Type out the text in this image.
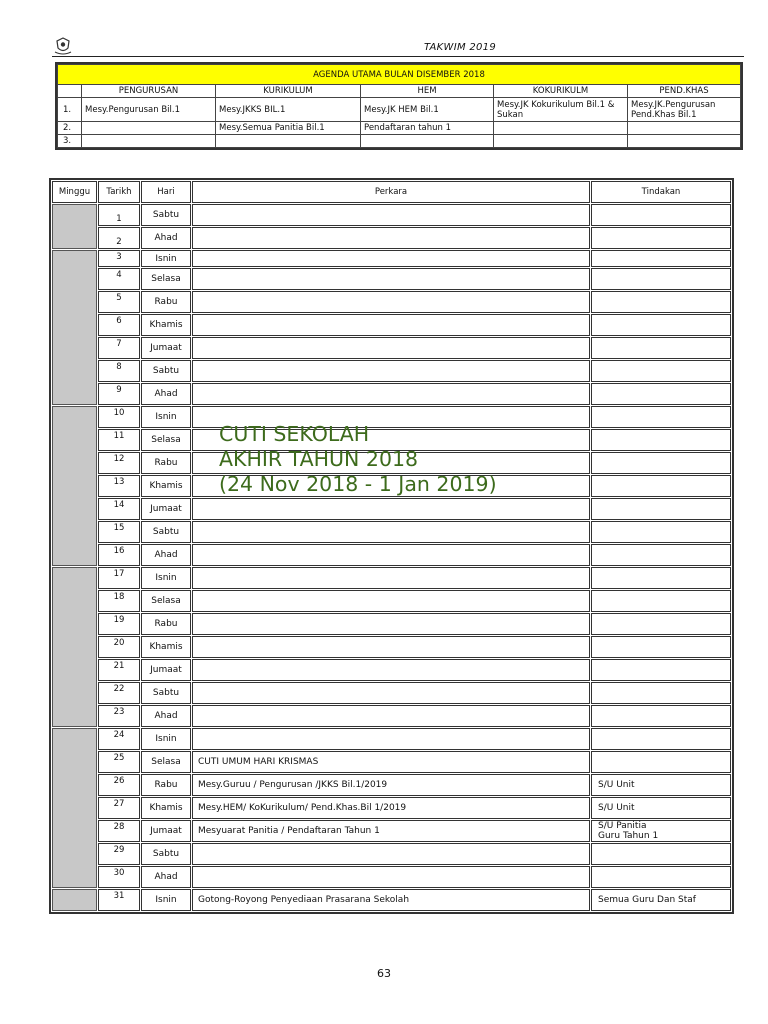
TAKWIM 2019
AGENDA UTAMA BULAN DISEMBER 2018					
	PENGURUSAN	KURIKULUM	HEM	KOKURIKULM	PEND.KHAS
1.	Mesy.Pengurusan Bil.1	Mesy.JKKS BIL.1	Mesy.JK HEM Bil.1	Mesy.JK Kokurikulum Bil.1 & Sukan	Mesy.JK.Pengurusan Pend.Khas Bil.1
2.		Mesy.Semua Panitia Bil.1	Pendaftaran tahun 1		
3.					
Minggu	Tarikh	Hari	Perkara	Tindakan

	1	Sabtu		

	2	Ahad		

	3	Isnin		

	4	Selasa		

	5	Rabu		

	6	Khamis		

	7	Jumaat		

	8	Sabtu		

	9	Ahad		

	10	Isnin		

	11	Selasa		

	12	Rabu		

	13	Khamis		

	14	Jumaat		

	15	Sabtu		

	16	Ahad		

	17	Isnin		

	18	Selasa		

	19	Rabu		

	20	Khamis		

	21	Jumaat		

	22	Sabtu		

	23	Ahad		

	24	Isnin		

	25	Selasa	CUTI UMUM HARI KRISMAS	

	26	Rabu	Mesy.Guruu / Pengurusan /JKKS Bil.1/2019	S/U Unit

	27	Khamis	Mesy.HEM/ KoKurikulum/ Pend.Khas.Bil 1/2019	S/U Unit

	28	Jumaat	Mesyuarat Panitia / Pendaftaran Tahun 1	S/U Panitia
Guru Tahun 1

	29	Sabtu		

	30	Ahad		

	31	Isnin	Gotong-Royong Penyediaan Prasarana Sekolah	Semua Guru Dan Staf
CUTI SEKOLAH
AKHIR TAHUN 2018
(24 Nov 2018 - 1 Jan 2019)
63
